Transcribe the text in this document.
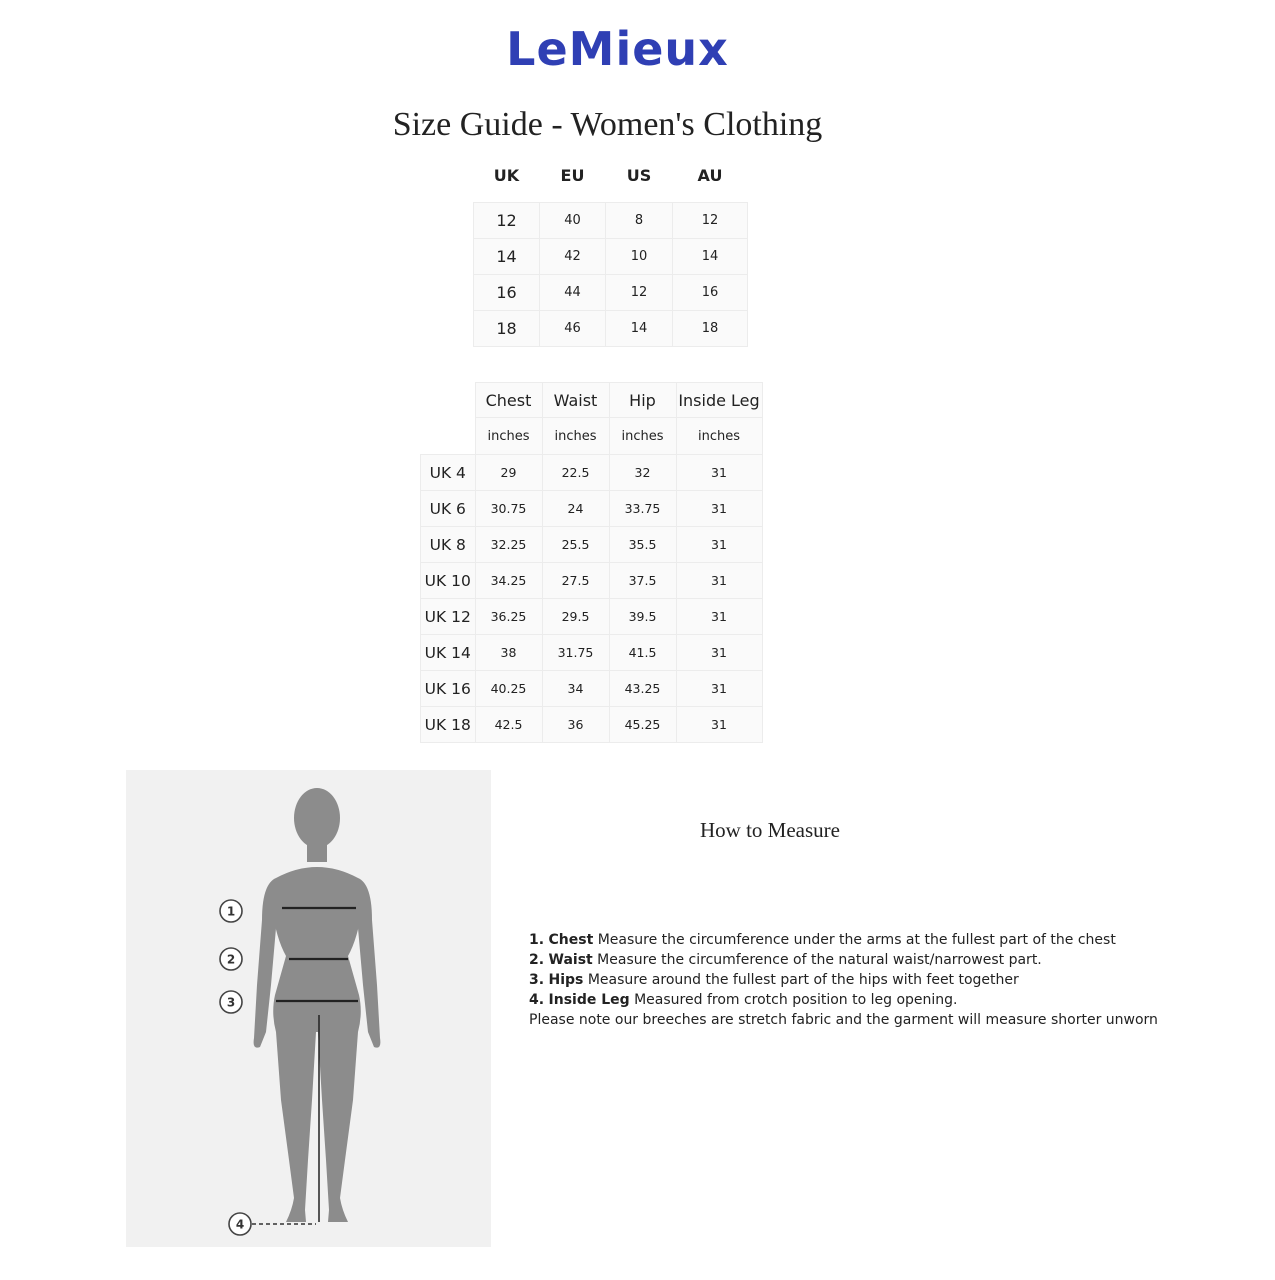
LeMieux
Size Guide - Women's Clothing
UK	EU	US	AU

12	40	8	12
14	42	10	14
16	44	12	16
18	46	14	18
	Chest	Waist	Hip	Inside Leg
	inches	inches	inches	inches
UK 4	29	22.5	32	31
UK 6	30.75	24	33.75	31
UK 8	32.25	25.5	35.5	31
UK 10	34.25	27.5	37.5	31
UK 12	36.25	29.5	39.5	31
UK 14	38	31.75	41.5	31
UK 16	40.25	34	43.25	31
UK 18	42.5	36	45.25	31
1
2
3
4
How to Measure
1. Chest Measure the circumference under the arms at the fullest part of the chest
2. Waist Measure the circumference of the natural waist/narrowest part.
3. Hips Measure around the fullest part of the hips with feet together
4. Inside Leg Measured from crotch position to leg opening.
Please note our breeches are stretch fabric and the garment will measure shorter unworn
